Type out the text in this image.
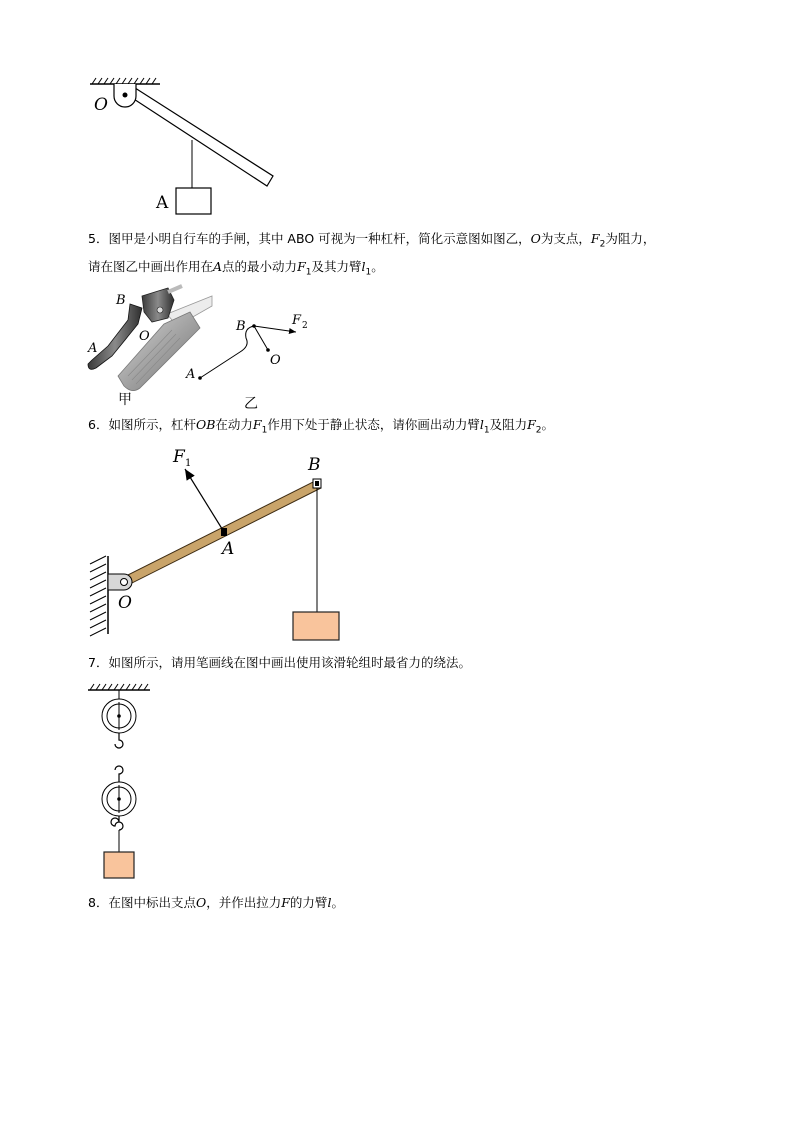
O
A
5．图甲是小明自行车的手闸，其中 ABO 可视为一种杠杆，简化示意图如图乙，O为支点，$F_2$为阻力，
请在图乙中画出作用在A点的最小动力$F_1$及其力臂$l_1$。
B
O
A
甲
B	F 2
O
A
乙
6．如图所示，杠杆OB在动力$F_1$作用下处于静止状态，请你画出动力臂$l_1$及阻力$F_2$。
F 1	B
A
O
7．如图所示，请用笔画线在图中画出使用该滑轮组时最省力的绕法。
8．在图中标出支点O，并作出拉力F的力臂l。
